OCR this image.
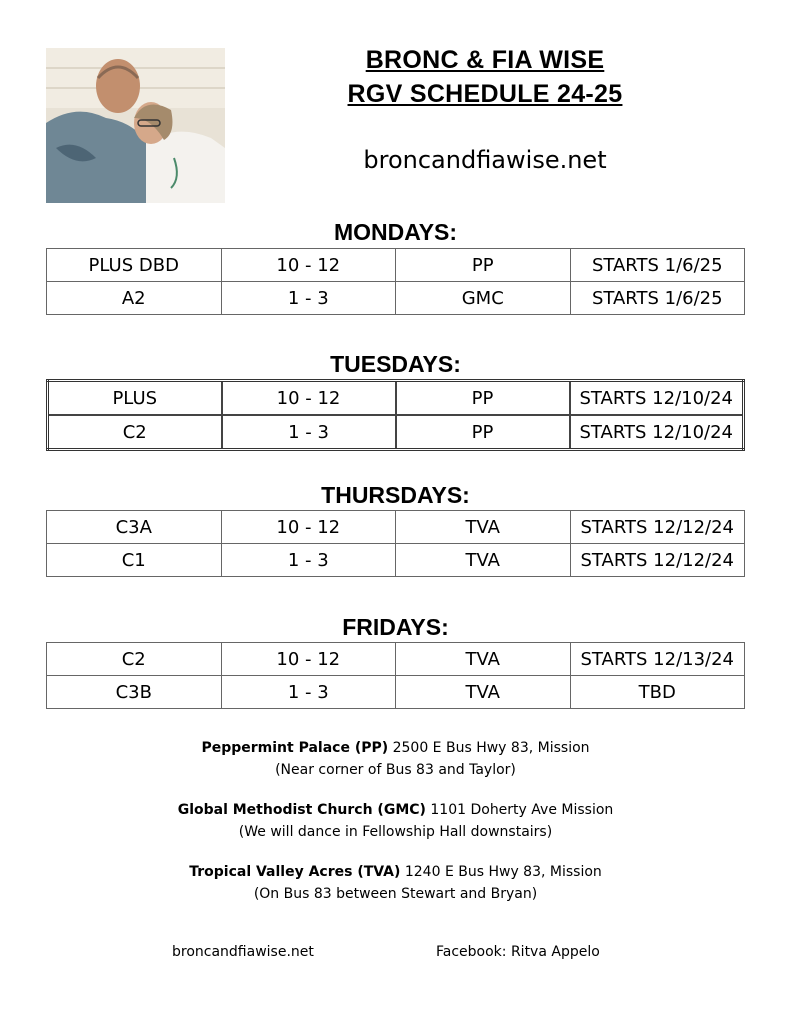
BRONC & FIA WISE
RGV SCHEDULE 24-25
broncandfiawise.net
MONDAYS:
PLUS DBD	10 - 12	PP	STARTS 1/6/25
A2	1 - 3	GMC	STARTS 1/6/25
TUESDAYS:
PLUS	10 - 12	PP	STARTS 12/10/24
C2	1 - 3	PP	STARTS 12/10/24
THURSDAYS:
C3A	10 - 12	TVA	STARTS 12/12/24
C1	1 - 3	TVA	STARTS 12/12/24
FRIDAYS:
C2	10 - 12	TVA	STARTS 12/13/24
C3B	1 - 3	TVA	TBD
Peppermint Palace (PP) 2500 E Bus Hwy 83, Mission
(Near corner of Bus 83 and Taylor)
Global Methodist Church (GMC) 1101 Doherty Ave Mission
(We will dance in Fellowship Hall downstairs)
Tropical Valley Acres (TVA) 1240 E Bus Hwy 83, Mission
(On Bus 83 between Stewart and Bryan)
broncandfiawise.net	Facebook: Ritva Appelo
